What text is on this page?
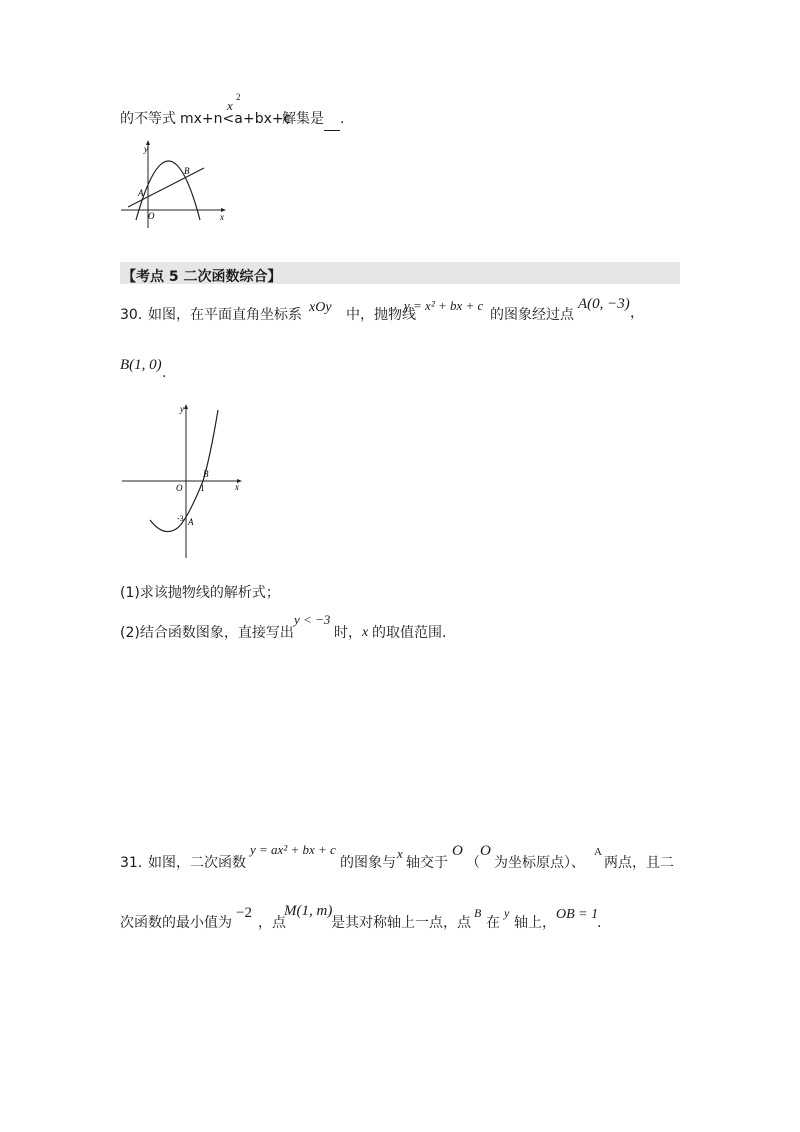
的不等式 mx+n<a
x
2
+bx+c
解集是 .
y
x
O
A
B
【考点 5 二次函数综合】
30．
如图，在平面直角坐标系 xOy 中，抛物线
y = x² + bx + c
的图象经过点
A(0, −3)
，
B(1, 0) .
y
x
O 1
B
-3 A
(1)求该抛物线的解析式；
(2)结合函数图象，直接写出
y < −3
时， x 的取值范围.
31．
如图，二次函数
y = ax² + bx + c
的图象与
x
轴交于
O
（
O
为坐标原点）、
A
两点，且二
次函数的最小值为
−2
，点
M(1, m)
是其对称轴上一点，点
B
在
y
轴上，
OB = 1
.
